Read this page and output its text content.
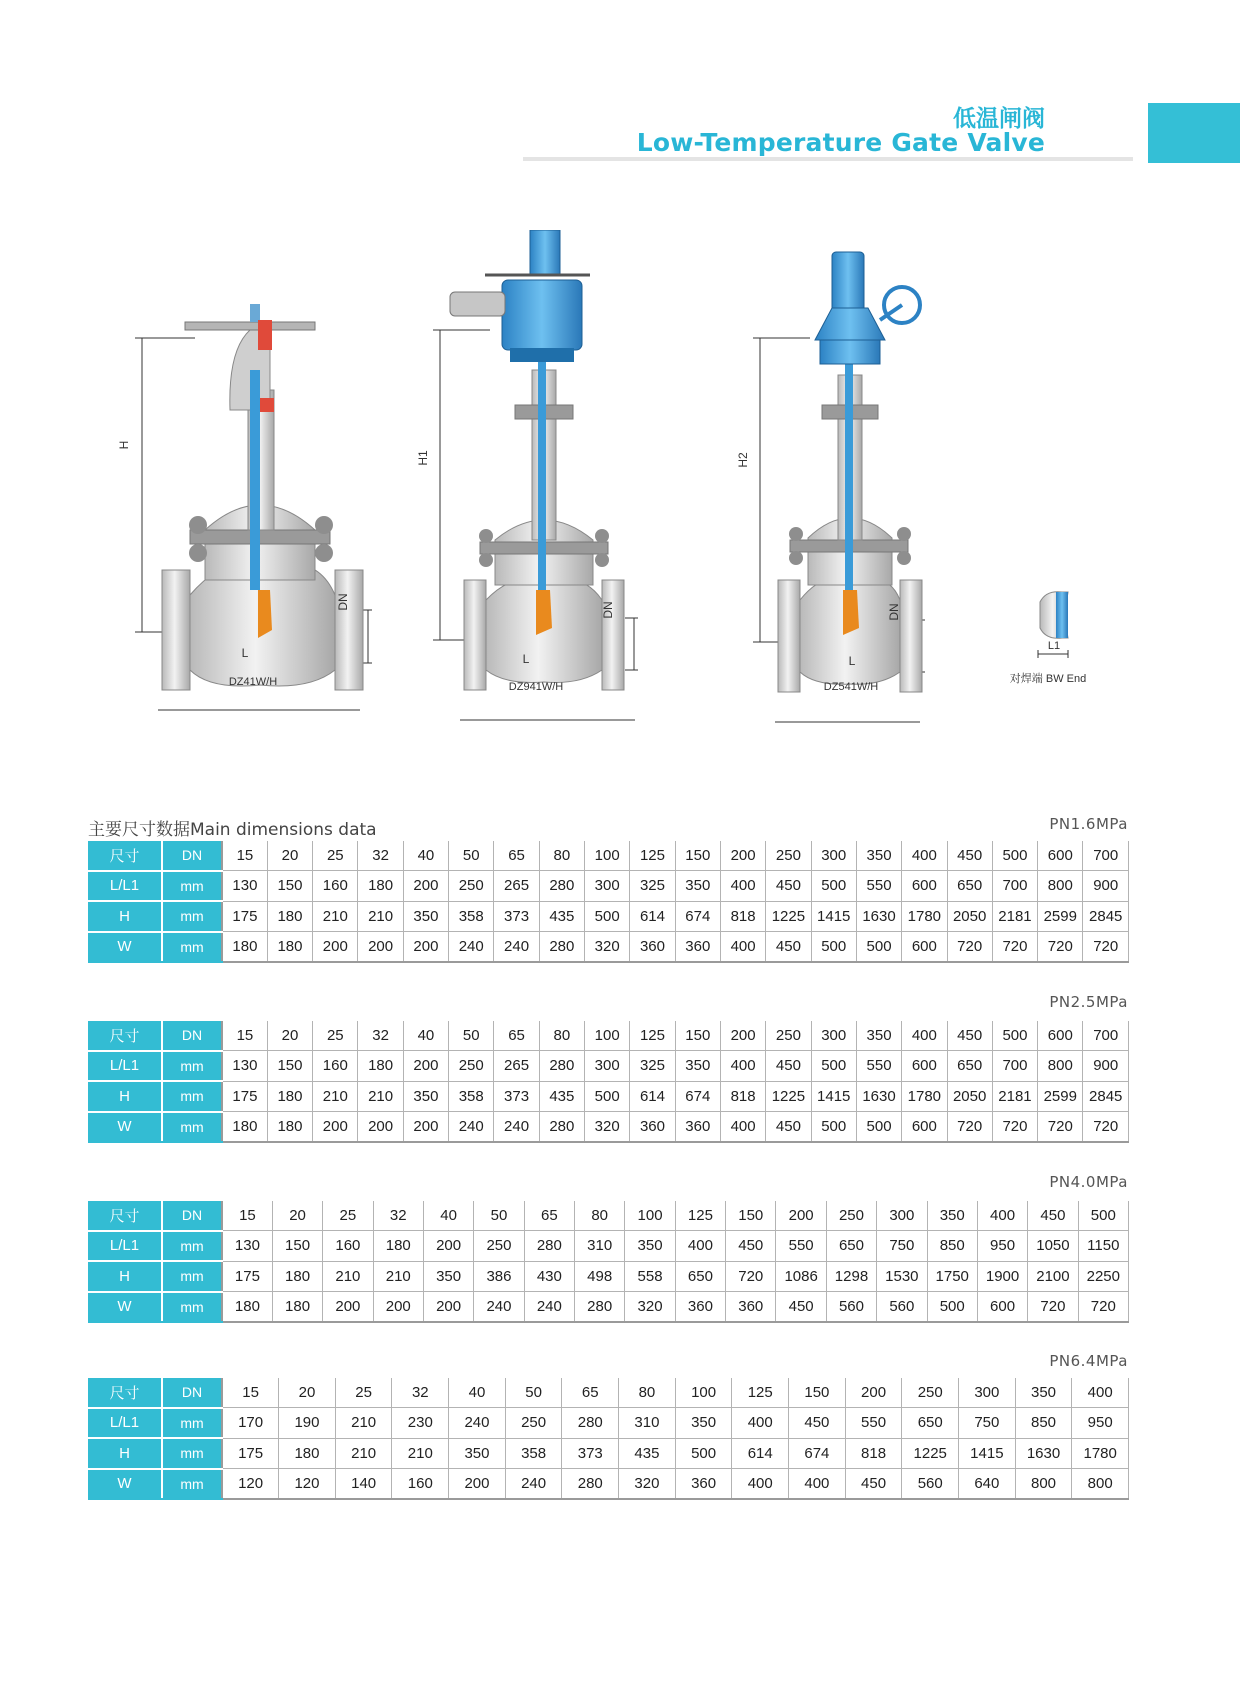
低温闸阀
Low-Temperature Gate Valve
H
DN
L
DZ41W/H
H1
DN
L
DZ941W/H
H2
DN
L
DZ541W/H
L1
对焊端 BW End
主要尺寸数据Main dimensions data	PN1.6MPa
PN2.5MPa
PN4.0MPa
PN6.4MPa
尺寸	DN	15	20	25	32	40	50	65	80	100	125	150	200	250	300	350	400	450	500	600	700
L/L1	mm	130	150	160	180	200	250	265	280	300	325	350	400	450	500	550	600	650	700	800	900
H	mm	175	180	210	210	350	358	373	435	500	614	674	818	1225	1415	1630	1780	2050	2181	2599	2845
W	mm	180	180	200	200	200	240	240	280	320	360	360	400	450	500	500	600	720	720	720	720
尺寸	DN	15	20	25	32	40	50	65	80	100	125	150	200	250	300	350	400	450	500	600	700
L/L1	mm	130	150	160	180	200	250	265	280	300	325	350	400	450	500	550	600	650	700	800	900
H	mm	175	180	210	210	350	358	373	435	500	614	674	818	1225	1415	1630	1780	2050	2181	2599	2845
W	mm	180	180	200	200	200	240	240	280	320	360	360	400	450	500	500	600	720	720	720	720
尺寸	DN	15	20	25	32	40	50	65	80	100	125	150	200	250	300	350	400	450	500
L/L1	mm	130	150	160	180	200	250	280	310	350	400	450	550	650	750	850	950	1050	1150
H	mm	175	180	210	210	350	386	430	498	558	650	720	1086	1298	1530	1750	1900	2100	2250
W	mm	180	180	200	200	200	240	240	280	320	360	360	450	560	560	500	600	720	720
尺寸	DN	15	20	25	32	40	50	65	80	100	125	150	200	250	300	350	400
L/L1	mm	170	190	210	230	240	250	280	310	350	400	450	550	650	750	850	950
H	mm	175	180	210	210	350	358	373	435	500	614	674	818	1225	1415	1630	1780
W	mm	120	120	140	160	200	240	280	320	360	400	400	450	560	640	800	800
